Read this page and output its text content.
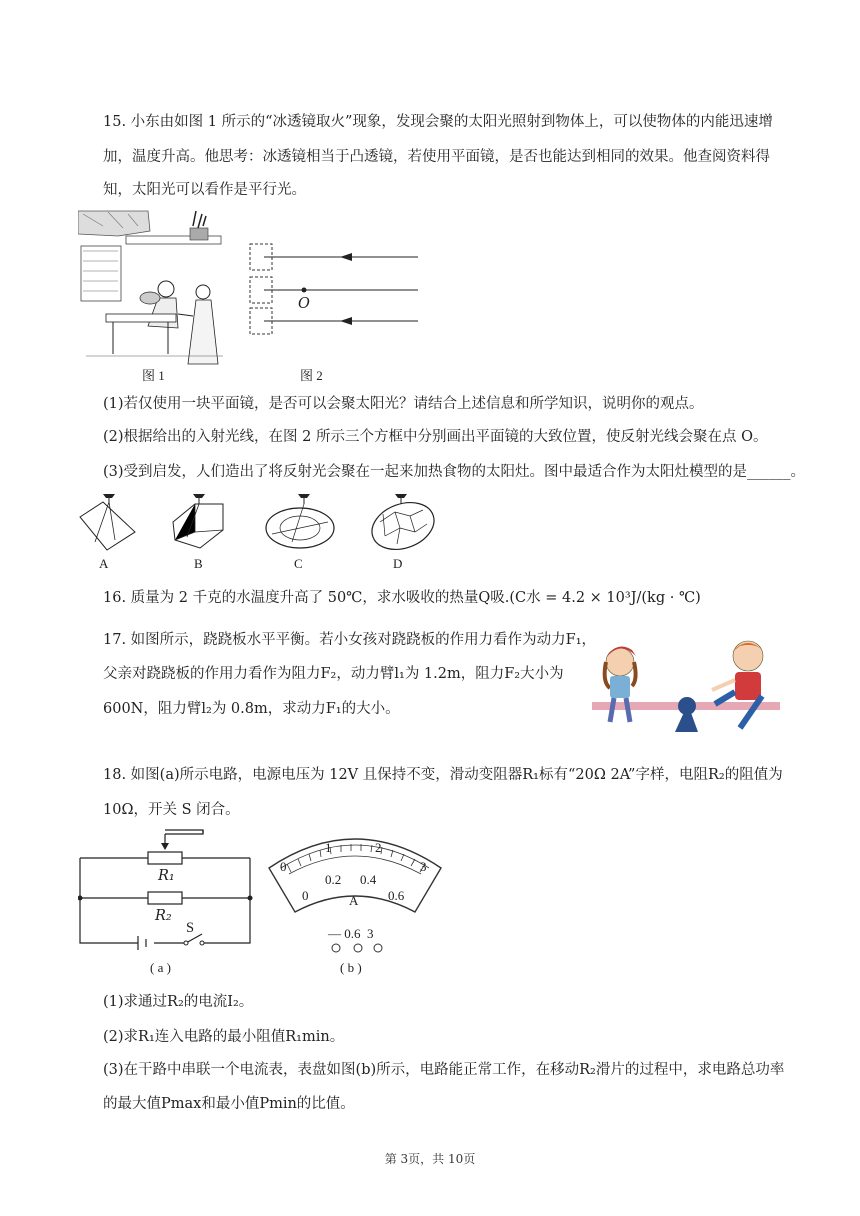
15. 小东由如图 1 所示的“冰透镜取火”现象，发现会聚的太阳光照射到物体上，可以使物体的内能迅速增
加，温度升高。他思考：冰透镜相当于凸透镜，若使用平面镜，是否也能达到相同的效果。他查阅资料得
知，太阳光可以看作是平行光。
图 1
O
图 2
(1)若仅使用一块平面镜，是否可以会聚太阳光？请结合上述信息和所学知识，说明你的观点。
(2)根据给出的入射光线，在图 2 所示三个方框中分别画出平面镜的大致位置，使反射光线会聚在点 O。
(3)受到启发，人们造出了将反射光会聚在一起来加热食物的太阳灶。图中最适合作为太阳灶模型的是______。
A	B	C	D
16. 质量为 2 千克的水温度升高了 50℃，求水吸收的热量Q吸.(C水 = 4.2 × 10³J/(kg · ℃)
17. 如图所示，跷跷板水平平衡。若小女孩对跷跷板的作用力看作为动力F₁，
父亲对跷跷板的作用力看作为阻力F₂，动力臂l₁为 1.2m，阻力F₂大小为
600N，阻力臂l₂为 0.8m，求动力F₁的大小。
18. 如图(a)所示电路，电源电压为 12V 且保持不变，滑动变阻器R₁标有“20Ω 2A”字样，电阻R₂的阻值为
10Ω，开关 S 闭合。
R₁
R₂
S
( a )
0
1	2
3
0
0.2 0.4
0.6
A
— 0.6  3
( b )
(1)求通过R₂的电流I₂。
(2)求R₁连入电路的最小阻值R₁min。
(3)在干路中串联一个电流表，表盘如图(b)所示，电路能正常工作，在移动R₂滑片的过程中，求电路总功率
的最大值Pmax和最小值Pmin的比值。
第 3页，共 10页
